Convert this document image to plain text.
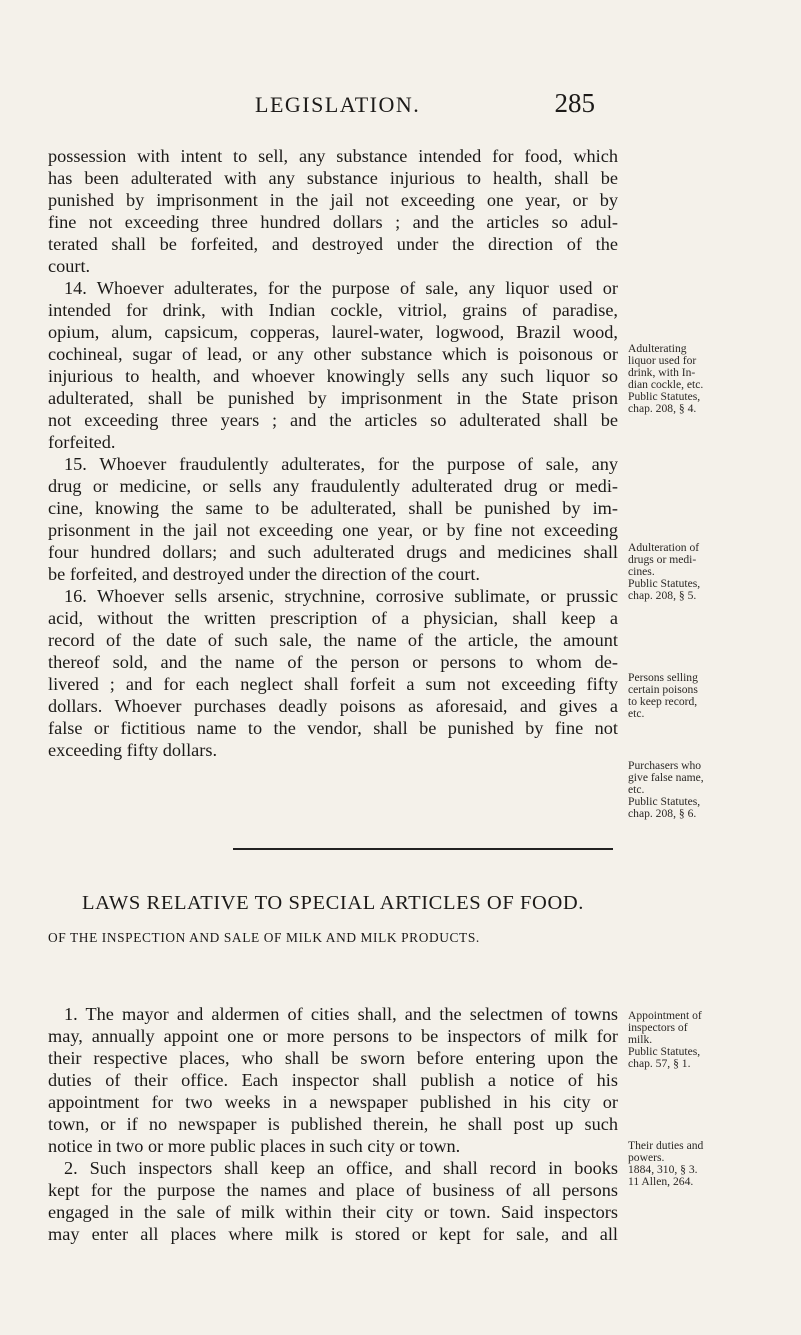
LEGISLATION.	285
possession with intent to sell, any substance intended for food, which
has been adulterated with any substance injurious to health, shall be
punished by imprisonment in the jail not exceeding one year, or by
fine not exceeding three hundred dollars ; and the articles so adul-
terated shall be forfeited, and destroyed under the direction of the
court.
14. Whoever adulterates, for the purpose of sale, any liquor used or
intended for drink, with Indian cockle, vitriol, grains of paradise,
opium, alum, capsicum, copperas, laurel-water, logwood, Brazil wood,
cochineal, sugar of lead, or any other substance which is poisonous or
injurious to health, and whoever knowingly sells any such liquor so
adulterated, shall be punished by imprisonment in the State prison
not exceeding three years ; and the articles so adulterated shall be
forfeited.
15. Whoever fraudulently adulterates, for the purpose of sale, any
drug or medicine, or sells any fraudulently adulterated drug or medi-
cine, knowing the same to be adulterated, shall be punished by im-
prisonment in the jail not exceeding one year, or by fine not exceeding
four hundred dollars; and such adulterated drugs and medicines shall
be forfeited, and destroyed under the direction of the court.
16. Whoever sells arsenic, strychnine, corrosive sublimate, or prussic
acid, without the written prescription of a physician, shall keep a
record of the date of such sale, the name of the article, the amount
thereof sold, and the name of the person or persons to whom de-
livered ; and for each neglect shall forfeit a sum not exceeding fifty
dollars. Whoever purchases deadly poisons as aforesaid, and gives a
false or fictitious name to the vendor, shall be punished by fine not
exceeding fifty dollars.
Adulterating
liquor used for
drink, with In-
dian cockle, etc.
Public Statutes,
chap. 208, § 4.
Adulteration of
drugs or medi-
cines.
Public Statutes,
chap. 208, § 5.
Persons selling
certain poisons
to keep record,
etc.
Purchasers who
give false name,
etc.
Public Statutes,
chap. 208, § 6.
Appointment of
inspectors of
milk.
Public Statutes,
chap. 57, § 1.
Their duties and
powers.
1884, 310, § 3.
11 Allen, 264.
LAWS RELATIVE TO SPECIAL ARTICLES OF FOOD.
OF THE INSPECTION AND SALE OF MILK AND MILK PRODUCTS.
1. The mayor and aldermen of cities shall, and the selectmen of towns
may, annually appoint one or more persons to be inspectors of milk for
their respective places, who shall be sworn before entering upon the
duties of their office. Each inspector shall publish a notice of his
appointment for two weeks in a newspaper published in his city or
town, or if no newspaper is published therein, he shall post up such
notice in two or more public places in such city or town.
2. Such inspectors shall keep an office, and shall record in books
kept for the purpose the names and place of business of all persons
engaged in the sale of milk within their city or town. Said inspectors
may enter all places where milk is stored or kept for sale, and all
